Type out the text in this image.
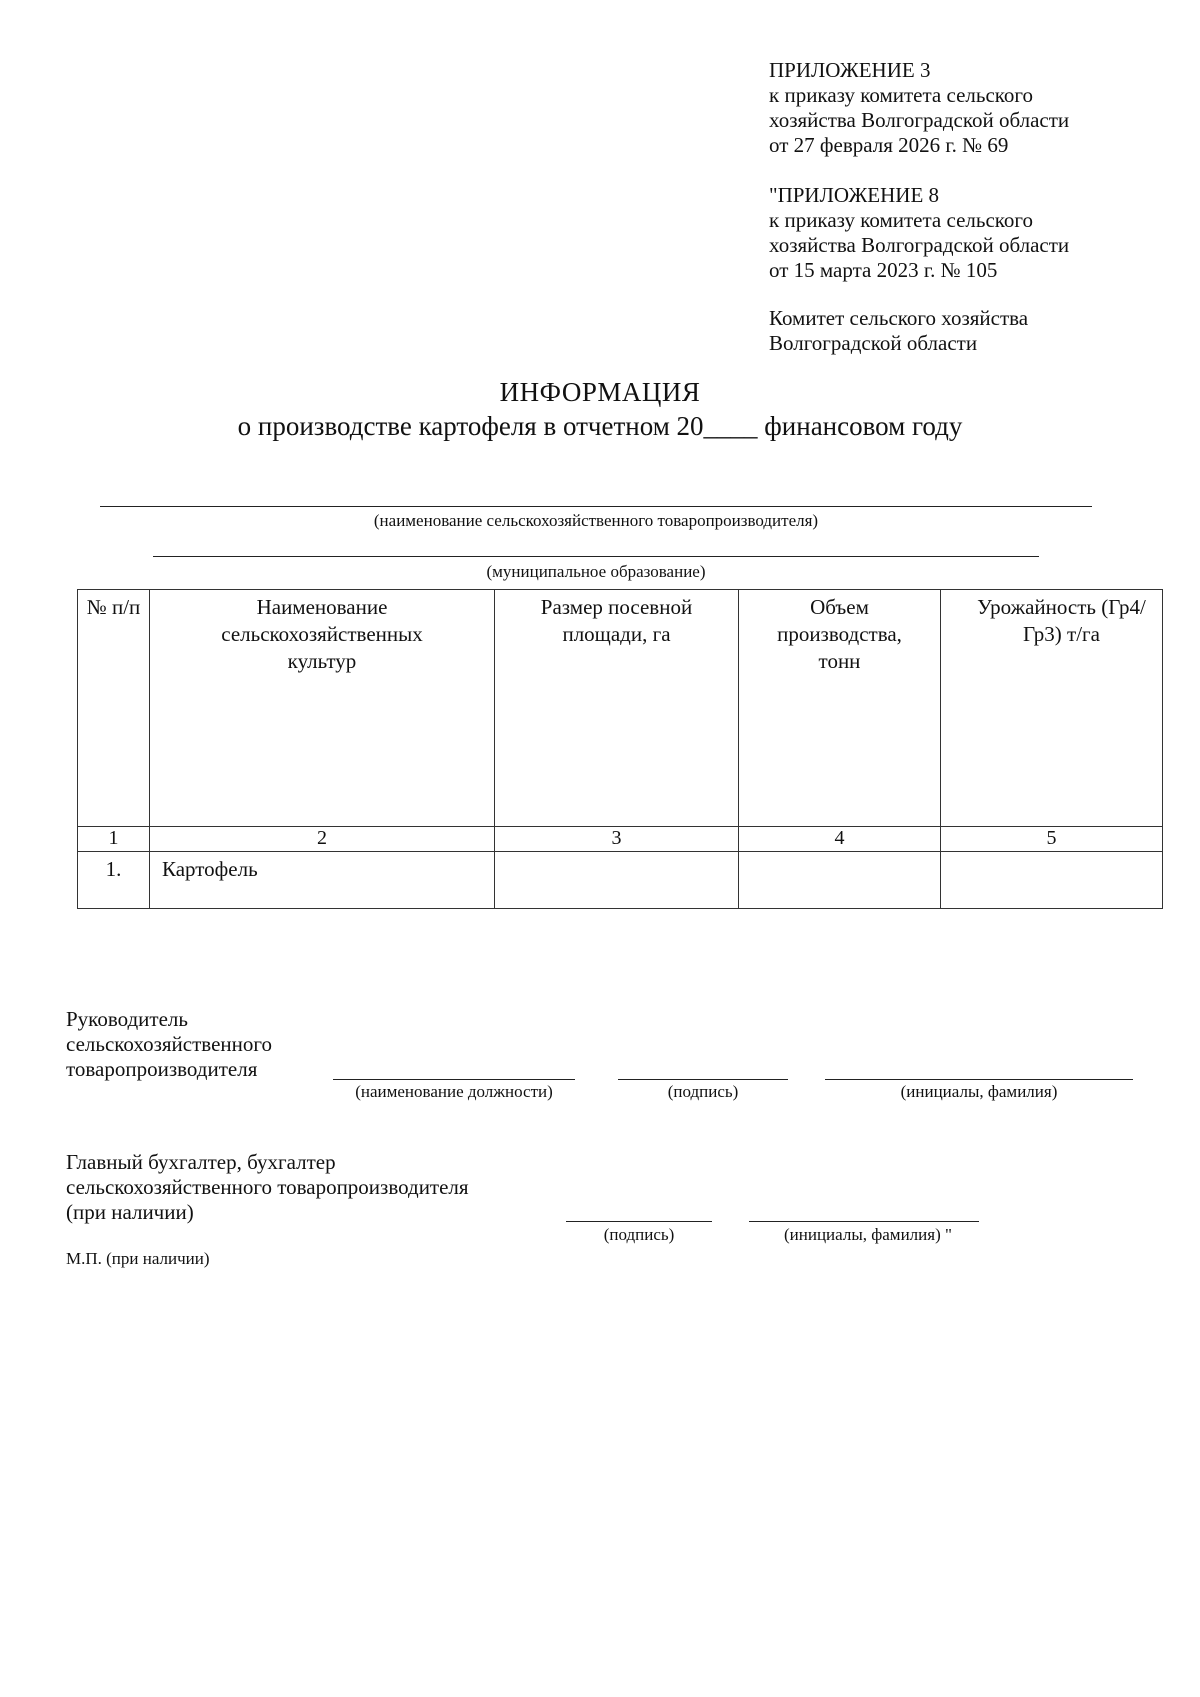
ПРИЛОЖЕНИЕ 3
к приказу комитета сельского
хозяйства Волгоградской области
от 27 февраля 2026 г. № 69
"ПРИЛОЖЕНИЕ 8
к приказу комитета сельского
хозяйства Волгоградской области
от 15 марта 2023 г. № 105
Комитет сельского хозяйства
Волгоградской области
ИНФОРМАЦИЯ
о производстве картофеля в отчетном 20____ финансовом году
(наименование сельскохозяйственного товаропроизводителя)
(муниципальное образование)
№ п/п	Наименование сельскохозяйственных культур	Размер посевной площади, га	Объем производства, тонн	Урожайность (Гр4/Гр3) т/га
1	2	3	4	5
1.	Картофель			
Руководитель
сельскохозяйственного
товаропроизводителя
(наименование должности)	(подпись)	(инициалы, фамилия)
Главный бухгалтер, бухгалтер
сельскохозяйственного товаропроизводителя
(при наличии)
(подпись)	(инициалы, фамилия) "
М.П. (при наличии)
